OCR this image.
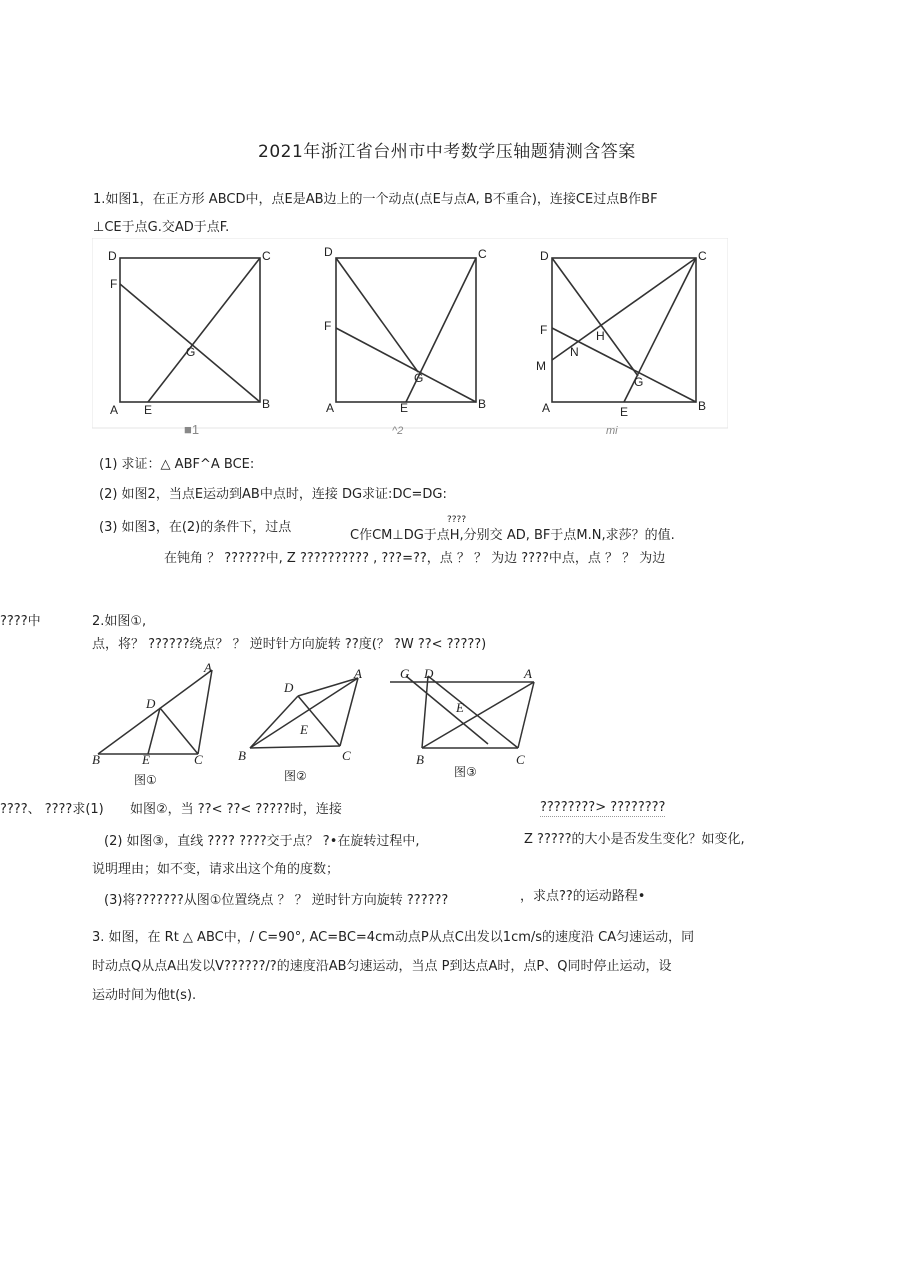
2021年浙江省台州市中考数学压轴题猜测含答案
1.如图1，在正方形 ABCD中，点E是AB边上的一个动点(点E与点A, B不重合)，连接CE过点B作BF
⊥CE于点G.交AD于点F.
D	C
F
G
A E	B
■1
D	C
F
G
A	E	B
^2
D	C
F	H
N
M
G
A	E	B
mi
(1) 求证：△ ABF^A BCE:
(2) 如图2，当点E运动到AB中点时，连接 DG求证:DC=DG:
(3) 如图3，在(2)的条件下，过点	????
C作CM⊥DG于点H,分别交 AD, BF于点M.N,求莎？的值.
在钝角 ？ ??????中, Z ?????????? , ???=??，点 ？ ？ 为边 ????中点，点 ？ ？ 为边
????中	2.如图①,
点，将？ ??????绕点？ ？ 逆时针方向旋转 ??度(？ ?W ??< ?????)
A
D
B	E	C
图①
A
D
E
B	C
图②
G D	A
E
B	C
图③
????、 ????求(1) 如图②，当 ??< ??< ?????时，连接	????????> ????????
(2) 如图③，直线 ???? ????交于点？ ?•在旋转过程中,	Z ?????的大小是否发生变化？如变化,
说明理由；如不变，请求出这个角的度数；
(3)将???????从图①位置绕点 ？ ？ 逆时针方向旋转 ??????	，求点??的运动路程•
3. 如图，在 Rt △ ABC中，/ C=90°, AC=BC=4cm动点P从点C出发以1cm/s的速度沿 CA匀速运动，同
时动点Q从点A出发以V??????/?的速度沿AB匀速运动，当点 P到达点A时，点P、Q同时停止运动，设
运动时间为他t(s).
